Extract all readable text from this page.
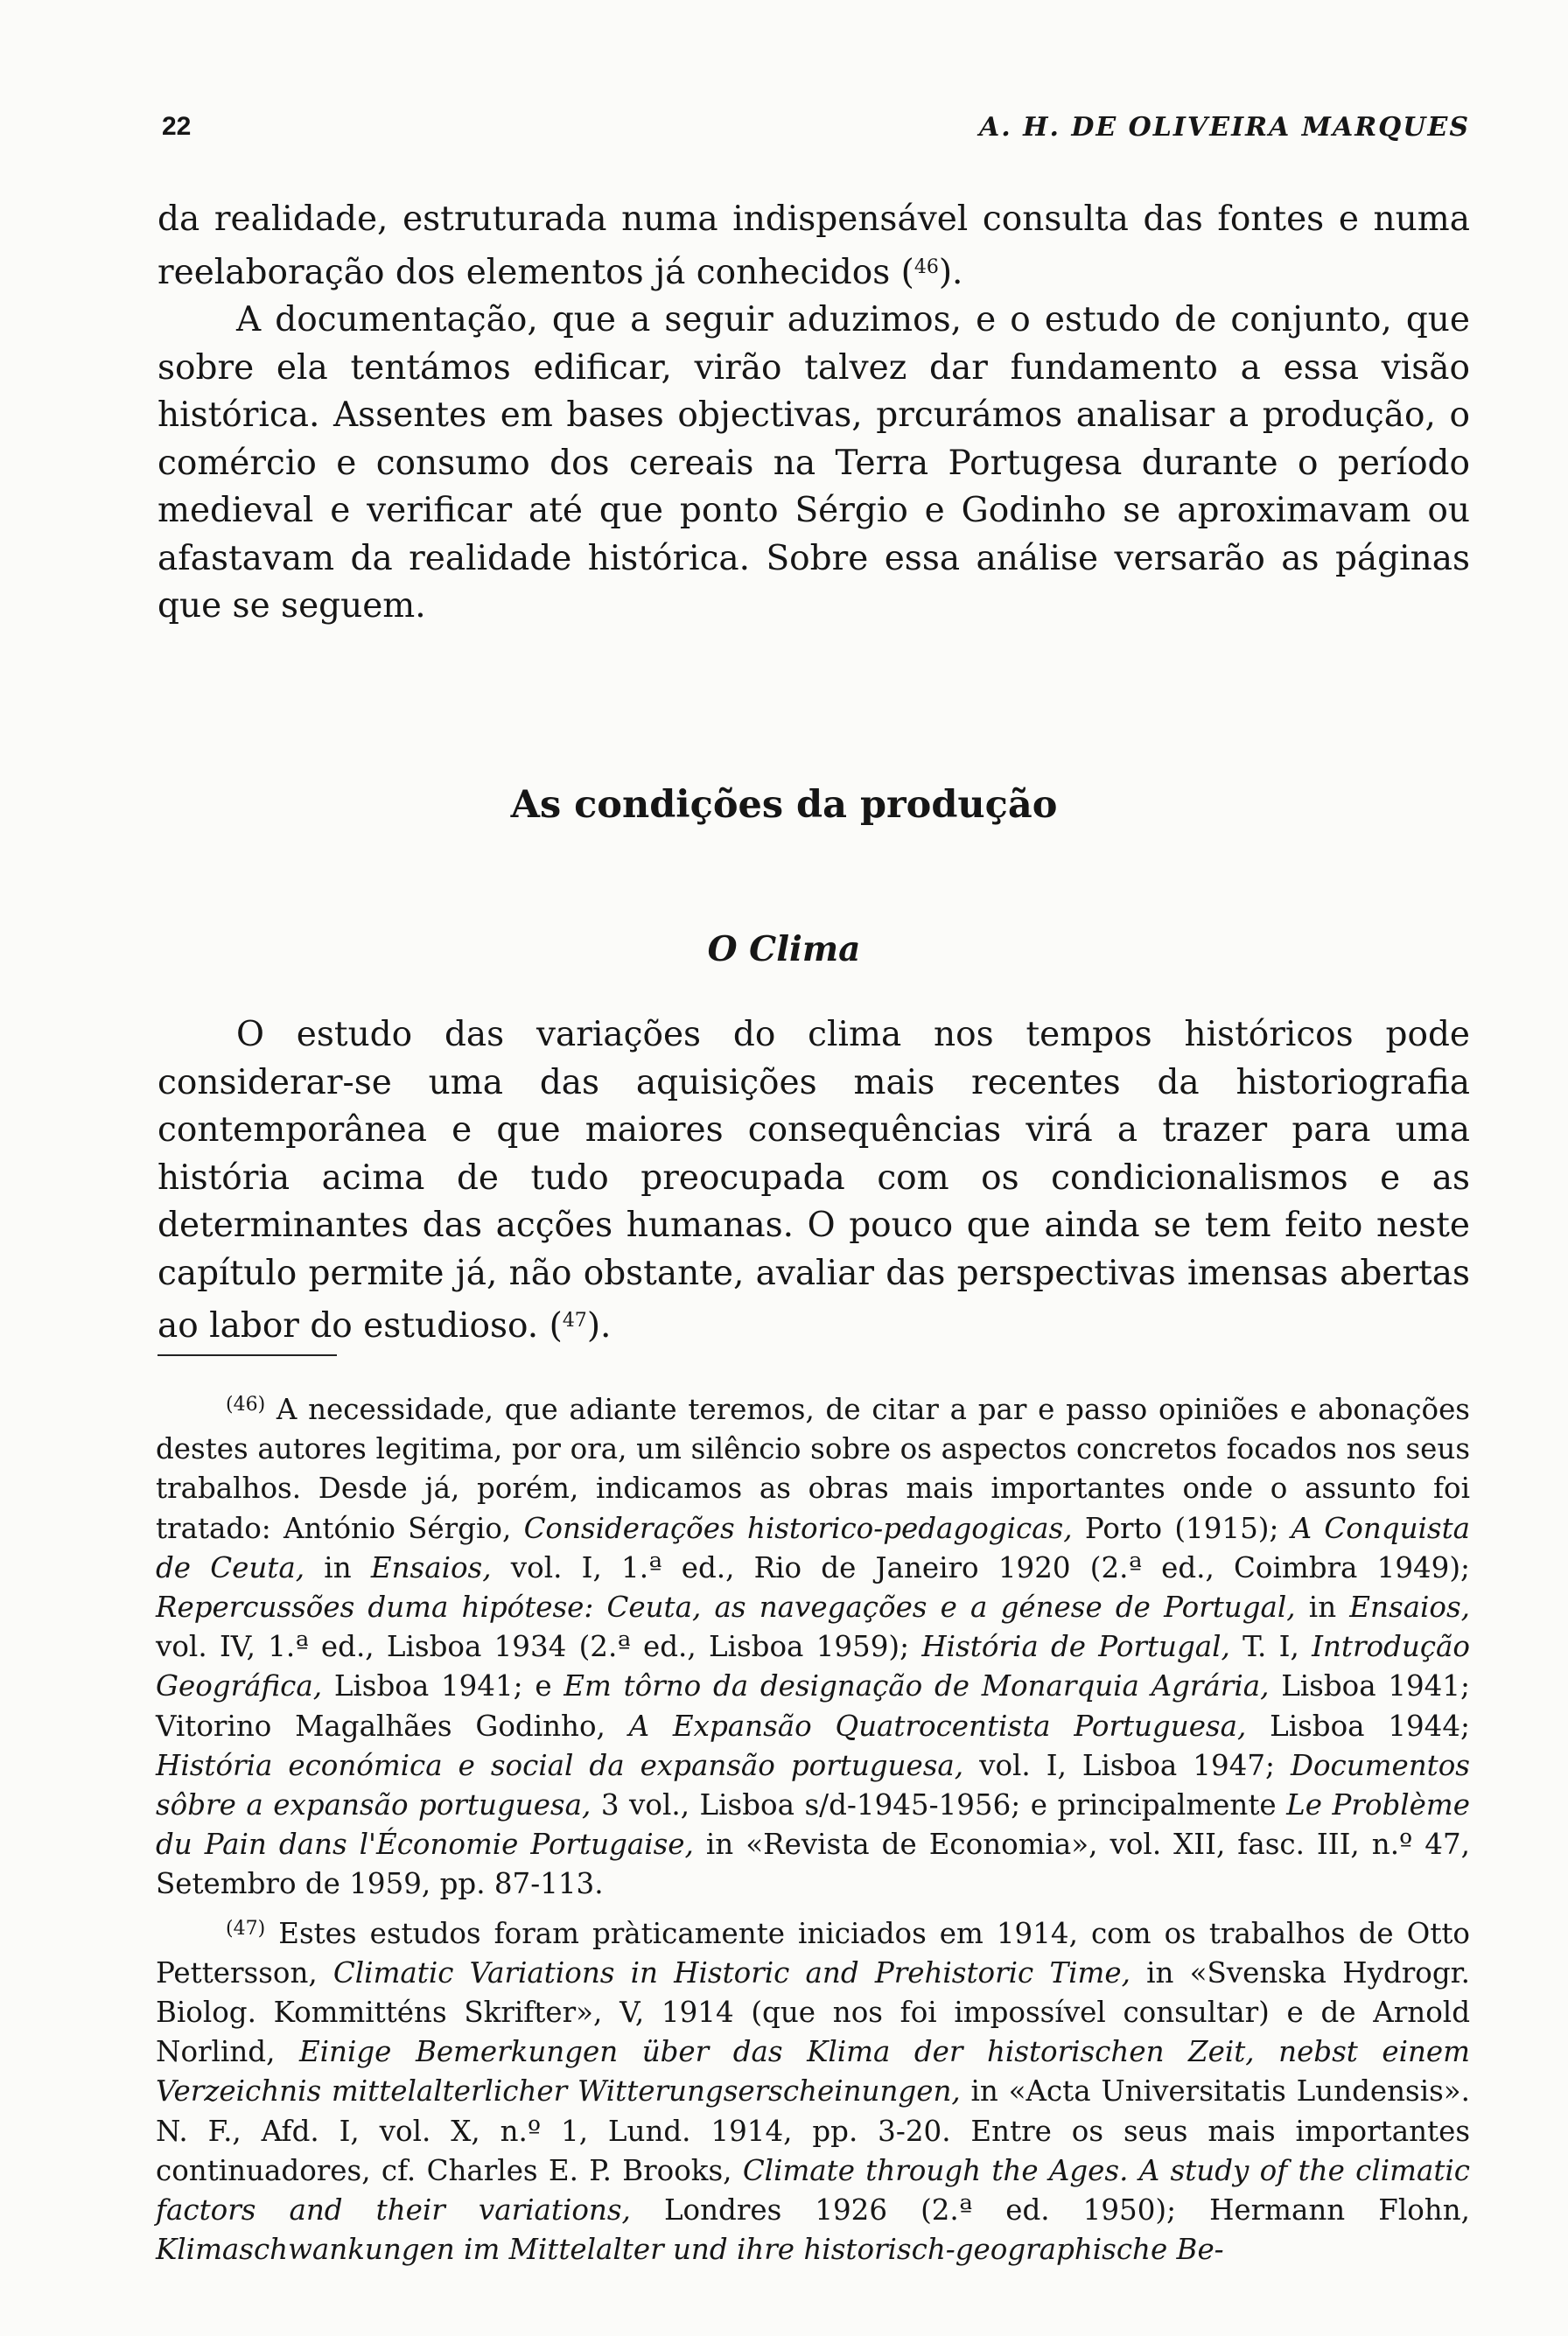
22	A. H. DE OLIVEIRA MARQUES

da realidade, estruturada numa indispensável consulta das fontes e numa reelaboração dos elementos já conhecidos ($^{46}$).

A documentação, que a seguir aduzimos, e o estudo de conjunto, que sobre ela tentámos edificar, virão talvez dar fundamento a essa visão histórica. Assentes em bases objectivas, prcurámos analisar a produção, o comércio e consumo dos cereais na Terra Portugesa durante o período medieval e verificar até que ponto Sérgio e Godinho se aproximavam ou afastavam da realidade histórica. Sobre essa análise versarão as páginas que se seguem.

As condições da produção
O Clima

O estudo das variações do clima nos tempos históricos pode considerar-se uma das aquisições mais recentes da historiografia contemporânea e que maiores consequências virá a trazer para uma história acima de tudo preocupada com os condicionalismos e as determinantes das acções humanas. O pouco que ainda se tem feito neste capítulo permite já, não obstante, avaliar das perspectivas imensas abertas ao labor do estudioso. ($^{47}$).

$^{(46)}$ A necessidade, que adiante teremos, de citar a par e passo opiniões e abonações destes autores legitima, por ora, um silêncio sobre os aspectos concretos focados nos seus trabalhos. Desde já, porém, indicamos as obras mais importantes onde o assunto foi tratado: António Sérgio, Considerações historico-pedagogicas, Porto (1915); A Conquista de Ceuta, in Ensaios, vol. I, 1.ª ed., Rio de Janeiro 1920 (2.ª ed., Coimbra 1949); Repercussões duma hipótese: Ceuta, as navegações e a génese de Portugal, in Ensaios, vol. IV, 1.ª ed., Lisboa 1934 (2.ª ed., Lisboa 1959); História de Portugal, T. I, Introdução Geográfica, Lisboa 1941; e Em tôrno da designação de Monarquia Agrária, Lisboa 1941; Vitorino Magalhães Godinho, A Expansão Quatrocentista Portuguesa, Lisboa 1944; História económica e social da expansão portuguesa, vol. I, Lisboa 1947; Documentos sôbre a expansão portuguesa, 3 vol., Lisboa s/d-1945-1956; e principalmente Le Problème du Pain dans l'Économie Portugaise, in «Revista de Economia», vol. XII, fasc. III, n.º 47, Setembro de 1959, pp. 87-113.

$^{(47)}$ Estes estudos foram pràticamente iniciados em 1914, com os trabalhos de Otto Pettersson, Climatic Variations in Historic and Prehistoric Time, in «Svenska Hydrogr. Biolog. Kommitténs Skrifter», V, 1914 (que nos foi impossível consultar) e de Arnold Norlind, Einige Bemerkungen über das Klima der historischen Zeit, nebst einem Verzeichnis mittelalterlicher Witterungserscheinungen, in «Acta Universitatis Lundensis». N. F., Afd. I, vol. X, n.º 1, Lund. 1914, pp. 3-20. Entre os seus mais importantes continuadores, cf. Charles E. P. Brooks, Climate through the Ages. A study of the climatic factors and their variations, Londres 1926 (2.ª ed. 1950); Hermann Flohn, Klimaschwankungen im Mittelalter und ihre historisch-geographische Be-
